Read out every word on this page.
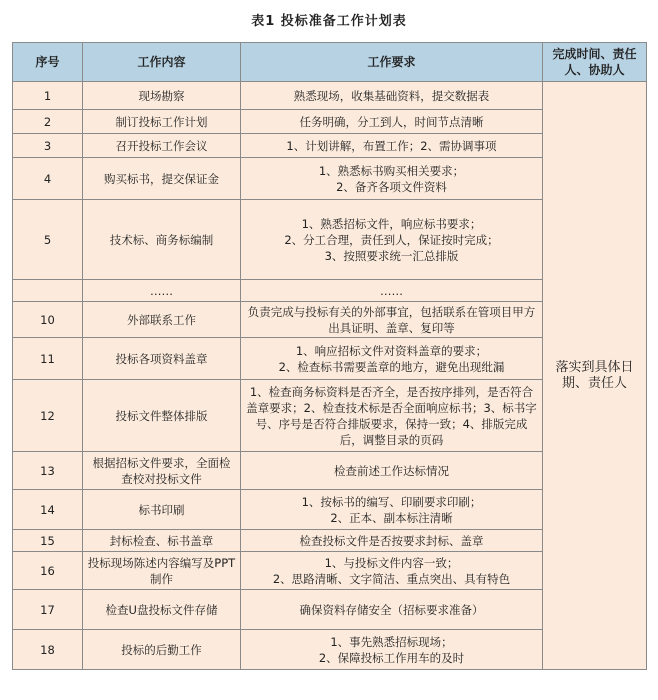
表1 投标准备工作计划表
序号	工作内容	工作要求	完成时间、责任人、协助人
1	现场勘察	熟悉现场，收集基础资料，提交数据表	落实到具体日期、责任人
2	制订投标工作计划	任务明确，分工到人，时间节点清晰	
3	召开投标工作会议	1、计划讲解，布置工作；2、需协调事项	
4	购买标书，提交保证金	1、熟悉标书购买相关要求；
2、备齐各项文件资料	
5	技术标、商务标编制	1、熟悉招标文件，响应标书要求；
2、分工合理，责任到人，保证按时完成；
3、按照要求统一汇总排版	
	……	……	
10	外部联系工作	负责完成与投标有关的外部事宜，包括联系在管项目甲方出具证明、盖章、复印等	
11	投标各项资料盖章	1、响应招标文件对资料盖章的要求；
2、检查标书需要盖章的地方，避免出现纰漏	
12	投标文件整体排版	1、检查商务标资料是否齐全，是否按序排列，是否符合盖章要求；2、检查技术标是否全面响应标书；3、标书字号、序号是否符合排版要求，保持一致；4、排版完成后，调整目录的页码	
13	根据招标文件要求，全面检查校对投标文件	检查前述工作达标情况	
14	标书印刷	1、按标书的编写、印刷要求印刷；
2、正本、副本标注清晰	
15	封标检查、标书盖章	检查投标文件是否按要求封标、盖章	
16	投标现场陈述内容编写及PPT制作	1、与投标文件内容一致；
2、思路清晰、文字简洁、重点突出、具有特色	
17	检查U盘投标文件存储	确保资料存储安全（招标要求准备）	
18	投标的后勤工作	1、事先熟悉招标现场；
2、保障投标工作用车的及时	
